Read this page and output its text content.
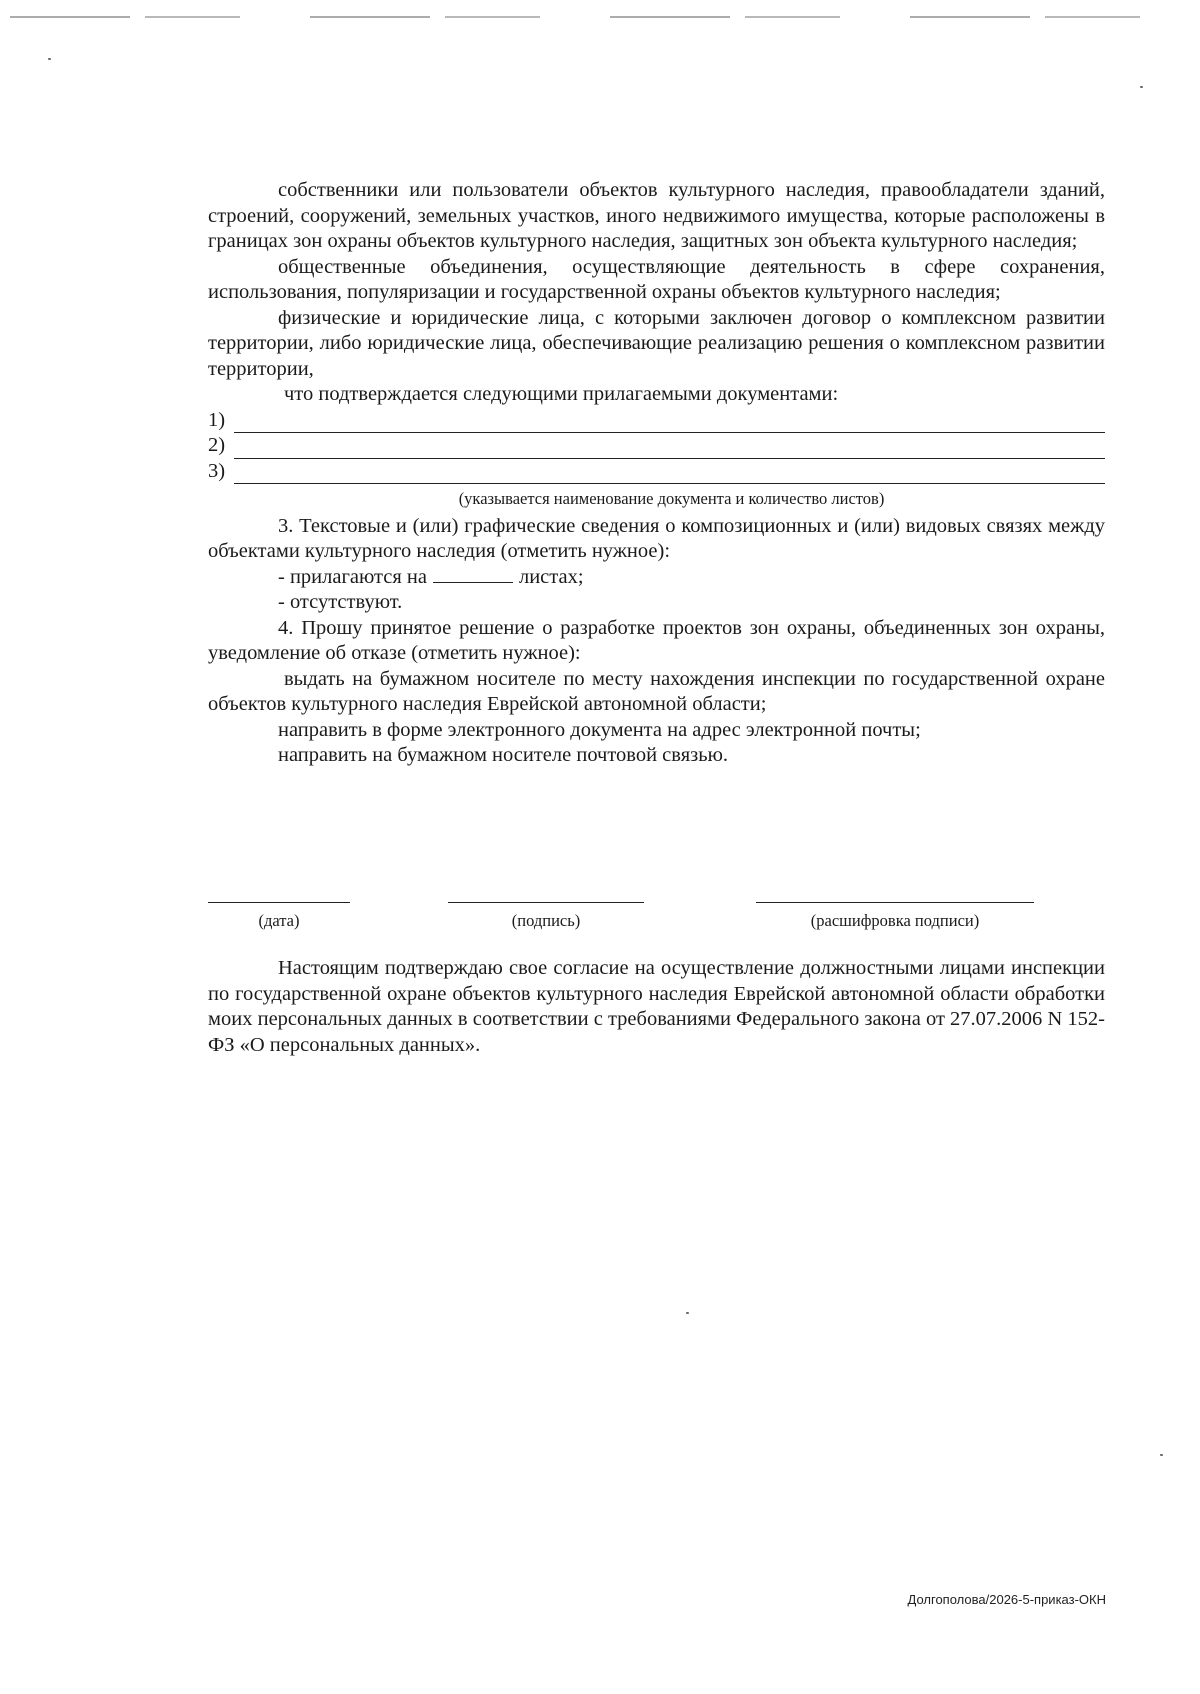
собственники или пользователи объектов культурного наследия, правообладатели зданий, строений, сооружений, земельных участков, иного недвижимого имущества, которые расположены в границах зон охраны объектов культурного наследия, защитных зон объекта культурного наследия;

общественные объединения, осуществляющие деятельность в сфере сохранения, использования, популяризации и государственной охраны объектов культурного наследия;

физические и юридические лица, с которыми заключен договор о комплексном развитии территории, либо юридические лица, обеспечивающие реализацию решения о комплексном развитии территории,

что подтверждается следующими прилагаемыми документами:

1)
2)
3)
(указывается наименование документа и количество листов)

3. Текстовые и (или) графические сведения о композиционных и (или) видовых связях между объектами культурного наследия (отметить нужное):

- прилагаются на	листах;

- отсутствуют.

4. Прошу принятое решение о разработке проектов зон охраны, объединенных зон охраны, уведомление об отказе (отметить нужное):

выдать на бумажном носителе по месту нахождения инспекции по государственной охране объектов культурного наследия Еврейской автономной области;

направить в форме электронного документа на адрес электронной почты;

направить на бумажном носителе почтовой связью.

(дата)	(подпись)	(расшифровка подписи)

Настоящим подтверждаю свое согласие на осуществление должностными лицами инспекции по государственной охране объектов культурного наследия Еврейской автономной области обработки моих персональных данных в соответствии с требованиями Федерального закона от 27.07.2006 N 152-ФЗ «О персональных данных».

Долгополова/2026-5-приказ-ОКН
